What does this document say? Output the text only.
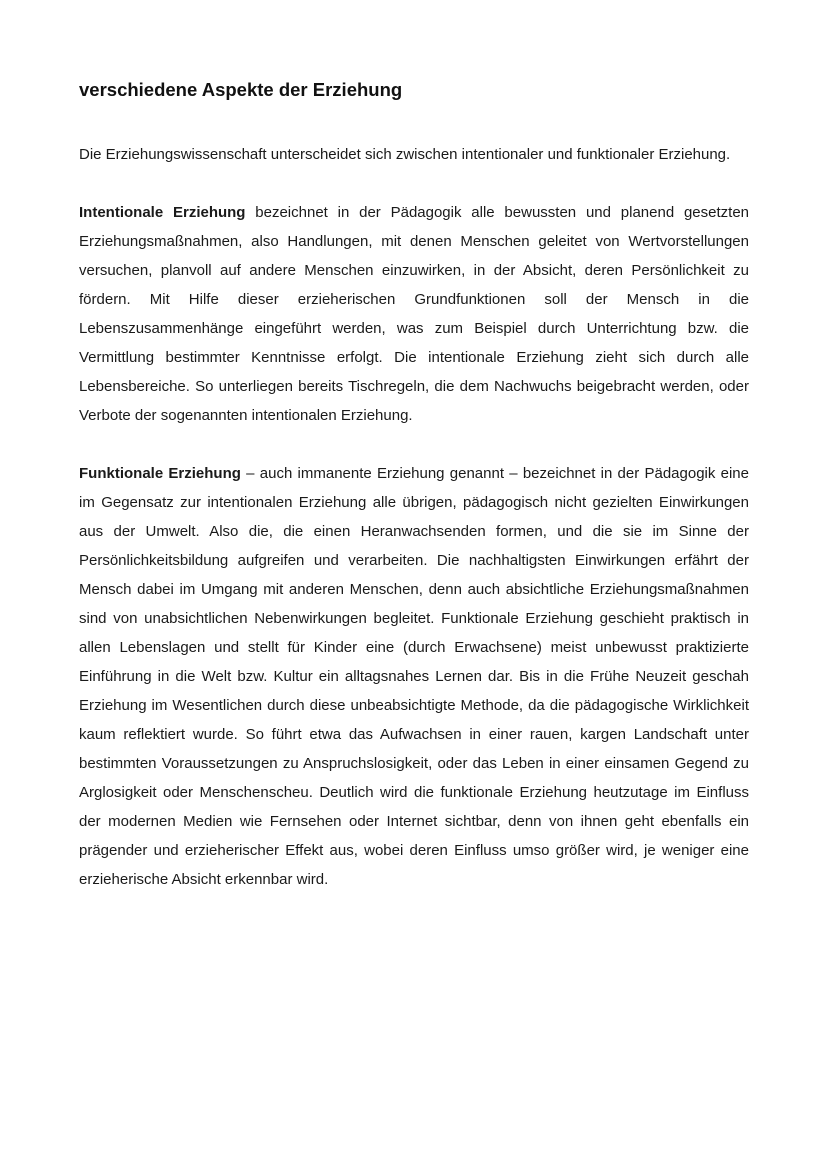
verschiedene Aspekte der Erziehung

Die Erziehungswissenschaft unterscheidet sich zwischen intentionaler und funktionaler Erziehung.

Intentionale Erziehung bezeichnet in der Pädagogik alle bewussten und planend gesetzten Erziehungsmaßnahmen, also Handlungen, mit denen Menschen geleitet von Wertvorstellungen versuchen, planvoll auf andere Menschen einzuwirken, in der Absicht, deren Persönlichkeit zu fördern. Mit Hilfe dieser erzieherischen Grundfunktionen soll der Mensch in die Lebenszusammenhänge eingeführt werden, was zum Beispiel durch Unterrichtung bzw. die Vermittlung bestimmter Kenntnisse erfolgt. Die intentionale Erziehung zieht sich durch alle Lebensbereiche. So unterliegen bereits Tischregeln, die dem Nachwuchs beigebracht werden, oder Verbote der sogenannten intentionalen Erziehung.

Funktionale Erziehung – auch immanente Erziehung genannt – bezeichnet in der Pädagogik eine im Gegensatz zur intentionalen Erziehung alle übrigen, pädagogisch nicht gezielten Einwirkungen aus der Umwelt. Also die, die einen Heranwachsenden formen, und die sie im Sinne der Persönlichkeitsbildung aufgreifen und verarbeiten. Die nachhaltigsten Einwirkungen erfährt der Mensch dabei im Umgang mit anderen Menschen, denn auch absichtliche Erziehungsmaßnahmen sind von unabsichtlichen Nebenwirkungen begleitet. Funktionale Erziehung geschieht praktisch in allen Lebenslagen und stellt für Kinder eine (durch Erwachsene) meist unbewusst praktizierte Einführung in die Welt bzw. Kultur ein alltagsnahes Lernen dar. Bis in die Frühe Neuzeit geschah Erziehung im Wesentlichen durch diese unbeabsichtigte Methode, da die pädagogische Wirklichkeit kaum reflektiert wurde. So führt etwa das Aufwachsen in einer rauen, kargen Landschaft unter bestimmten Voraussetzungen zu Anspruchslosigkeit, oder das Leben in einer einsamen Gegend zu Arglosigkeit oder Menschenscheu. Deutlich wird die funktionale Erziehung heutzutage im Einfluss der modernen Medien wie Fernsehen oder Internet sichtbar, denn von ihnen geht ebenfalls ein prägender und erzieherischer Effekt aus, wobei deren Einfluss umso größer wird, je weniger eine erzieherische Absicht erkennbar wird.
